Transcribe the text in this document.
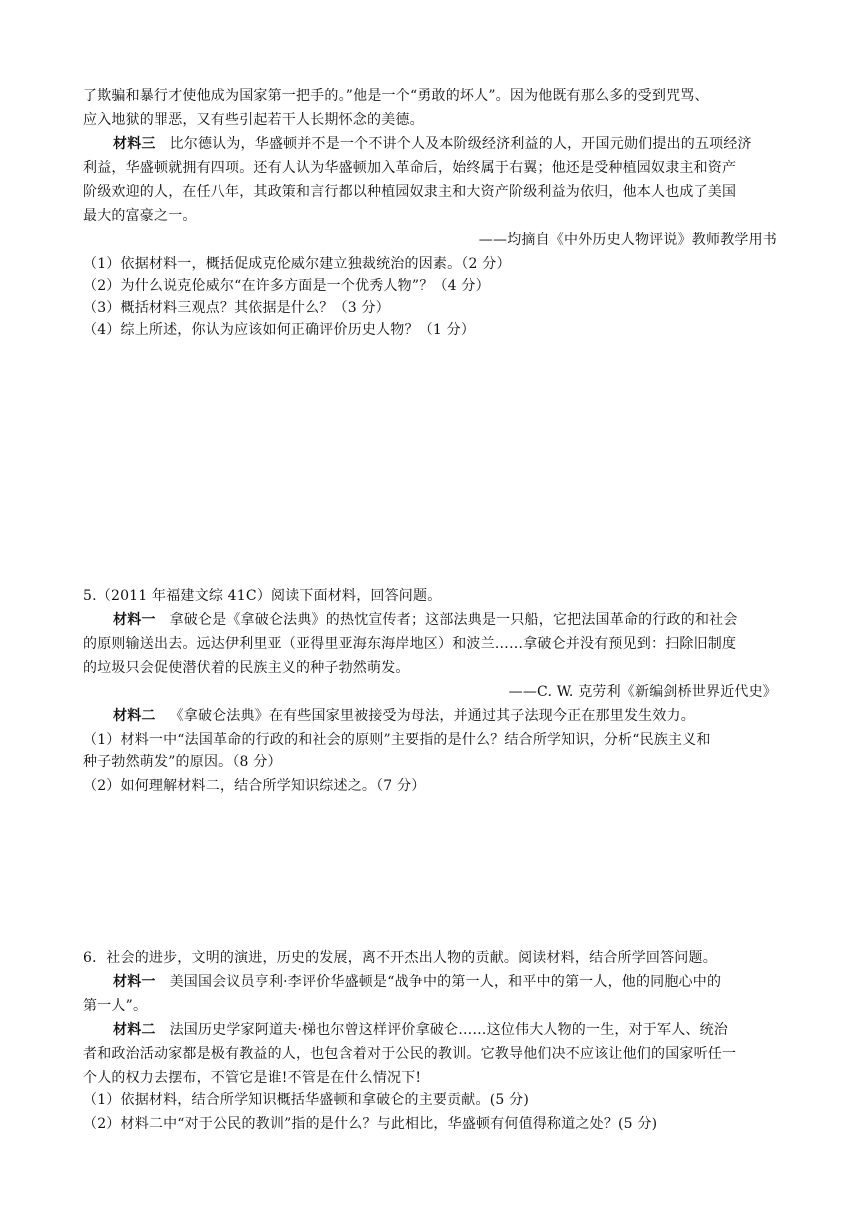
了欺骗和暴行才使他成为国家第一把手的。”他是一个“勇敢的坏人”。因为他既有那么多的受到咒骂、
应入地狱的罪恶，又有些引起若干人长期怀念的美德。
材料三 比尔德认为，华盛顿并不是一个不讲个人及本阶级经济利益的人，开国元勋们提出的五项经济
利益，华盛顿就拥有四项。还有人认为华盛顿加入革命后，始终属于右翼；他还是受种植园奴隶主和资产
阶级欢迎的人，在任八年，其政策和言行都以种植园奴隶主和大资产阶级利益为依归，他本人也成了美国
最大的富豪之一。
——均摘自《中外历史人物评说》教师教学用书
（1）依据材料一，概括促成克伦威尔建立独裁统治的因素。（2 分）
（2）为什么说克伦威尔“在许多方面是一个优秀人物”？（4 分）
（3）概括材料三观点？其依据是什么？（3 分）
（4）综上所述，你认为应该如何正确评价历史人物？（1 分）
5.（2011 年福建文综 41C）阅读下面材料，回答问题。
材料一 拿破仑是《拿破仑法典》的热忱宣传者；这部法典是一只船，它把法国革命的行政的和社会
的原则输送出去。远达伊利里亚（亚得里亚海东海岸地区）和波兰……拿破仑并没有预见到：扫除旧制度
的垃圾只会促使潜伏着的民族主义的种子勃然萌发。
——C. W. 克劳利《新编剑桥世界近代史》
材料二 《拿破仑法典》在有些国家里被接受为母法，并通过其子法现今正在那里发生效力。
（1）材料一中“法国革命的行政的和社会的原则”主要指的是什么？结合所学知识，分析“民族主义和
种子勃然萌发”的原因。（8 分）
（2）如何理解材料二，结合所学知识综述之。（7 分）
6．社会的进步，文明的演进，历史的发展，离不开杰出人物的贡献。阅读材料，结合所学回答问题。
材料一 美国国会议员亨利·李评价华盛顿是“战争中的第一人，和平中的第一人，他的同胞心中的
第一人”。
材料二 法国历史学家阿道夫·梯也尔曾这样评价拿破仑……这位伟大人物的一生，对于军人、统治
者和政治活动家都是极有教益的人，也包含着对于公民的教训。它教导他们决不应该让他们的国家听任一
个人的权力去摆布，不管它是谁!不管是在什么情况下!
（1）依据材料，结合所学知识概括华盛顿和拿破仑的主要贡献。(5 分)
（2）材料二中“对于公民的教训”指的是什么？与此相比，华盛顿有何值得称道之处？(5 分)
